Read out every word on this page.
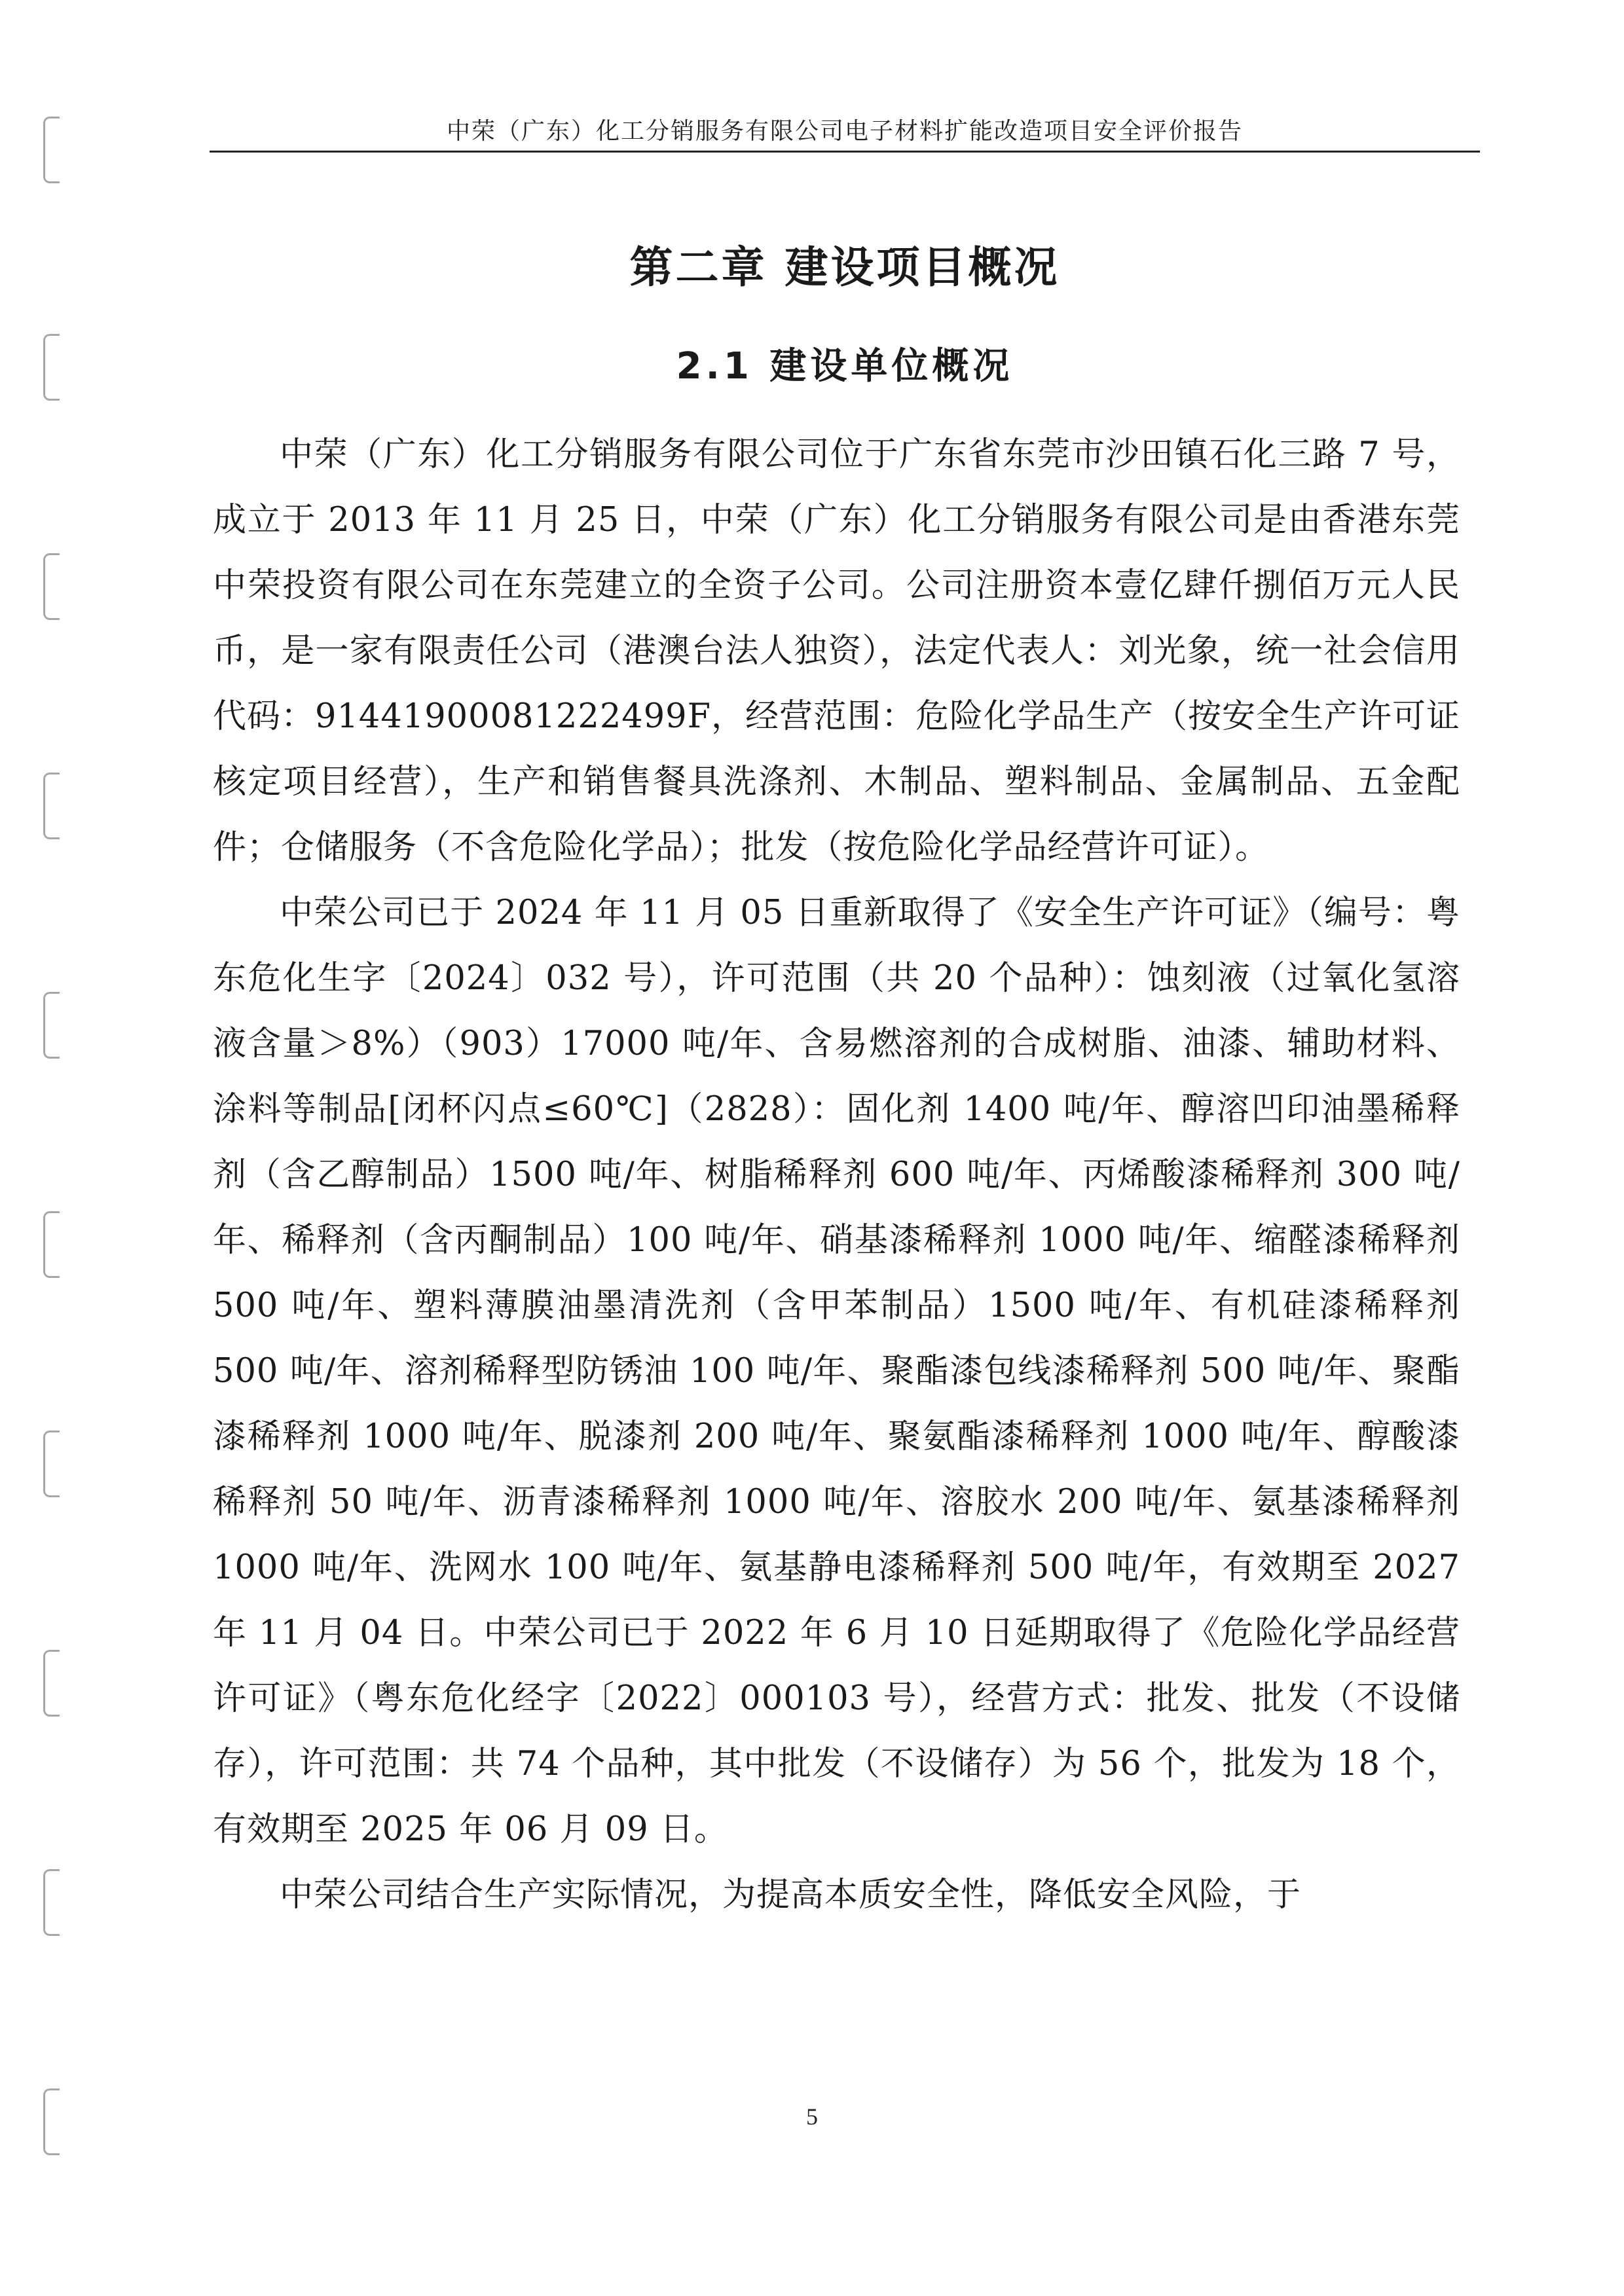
中荣（广东）化工分销服务有限公司电子材料扩能改造项目安全评价报告
第二章 建设项目概况
2.1 建设单位概况

中荣（广东）化工分销服务有限公司位于广东省东莞市沙田镇石化三路 7 号，成立于 2013 年 11 月 25 日，中荣（广东）化工分销服务有限公司是由香港东莞中荣投资有限公司在东莞建立的全资子公司。公司注册资本壹亿肆仟捌佰万元人民币，是一家有限责任公司（港澳台法人独资），法定代表人：刘光象，统一社会信用代码：91441900081222499F，经营范围：危险化学品生产（按安全生产许可证核定项目经营），生产和销售餐具洗涤剂、木制品、塑料制品、金属制品、五金配件；仓储服务（不含危险化学品）；批发（按危险化学品经营许可证）。

中荣公司已于 2024 年 11 月 05 日重新取得了《安全生产许可证》（编号：粤东危化生字〔2024〕032 号），许可范围（共 20 个品种）：蚀刻液（过氧化氢溶液含量＞8%）（903）17000 吨/年、含易燃溶剂的合成树脂、油漆、辅助材料、涂料等制品[闭杯闪点≤60℃]（2828）：固化剂 1400 吨/年、醇溶凹印油墨稀释剂（含乙醇制品）1500 吨/年、树脂稀释剂 600 吨/年、丙烯酸漆稀释剂 300 吨/年、稀释剂（含丙酮制品）100 吨/年、硝基漆稀释剂 1000 吨/年、缩醛漆稀释剂 500 吨/年、塑料薄膜油墨清洗剂（含甲苯制品）1500 吨/年、有机硅漆稀释剂 500 吨/年、溶剂稀释型防锈油 100 吨/年、聚酯漆包线漆稀释剂 500 吨/年、聚酯漆稀释剂 1000 吨/年、脱漆剂 200 吨/年、聚氨酯漆稀释剂 1000 吨/年、醇酸漆稀释剂 50 吨/年、沥青漆稀释剂 1000 吨/年、溶胶水 200 吨/年、氨基漆稀释剂 1000 吨/年、洗网水 100 吨/年、氨基静电漆稀释剂 500 吨/年，有效期至 2027 年 11 月 04 日。中荣公司已于 2022 年 6 月 10 日延期取得了《危险化学品经营许可证》（粤东危化经字〔2022〕000103 号），经营方式：批发、批发（不设储存），许可范围：共 74 个品种，其中批发（不设储存）为 56 个，批发为 18 个，有效期至 2025 年 06 月 09 日。

中荣公司结合生产实际情况，为提高本质安全性，降低安全风险，于

5
